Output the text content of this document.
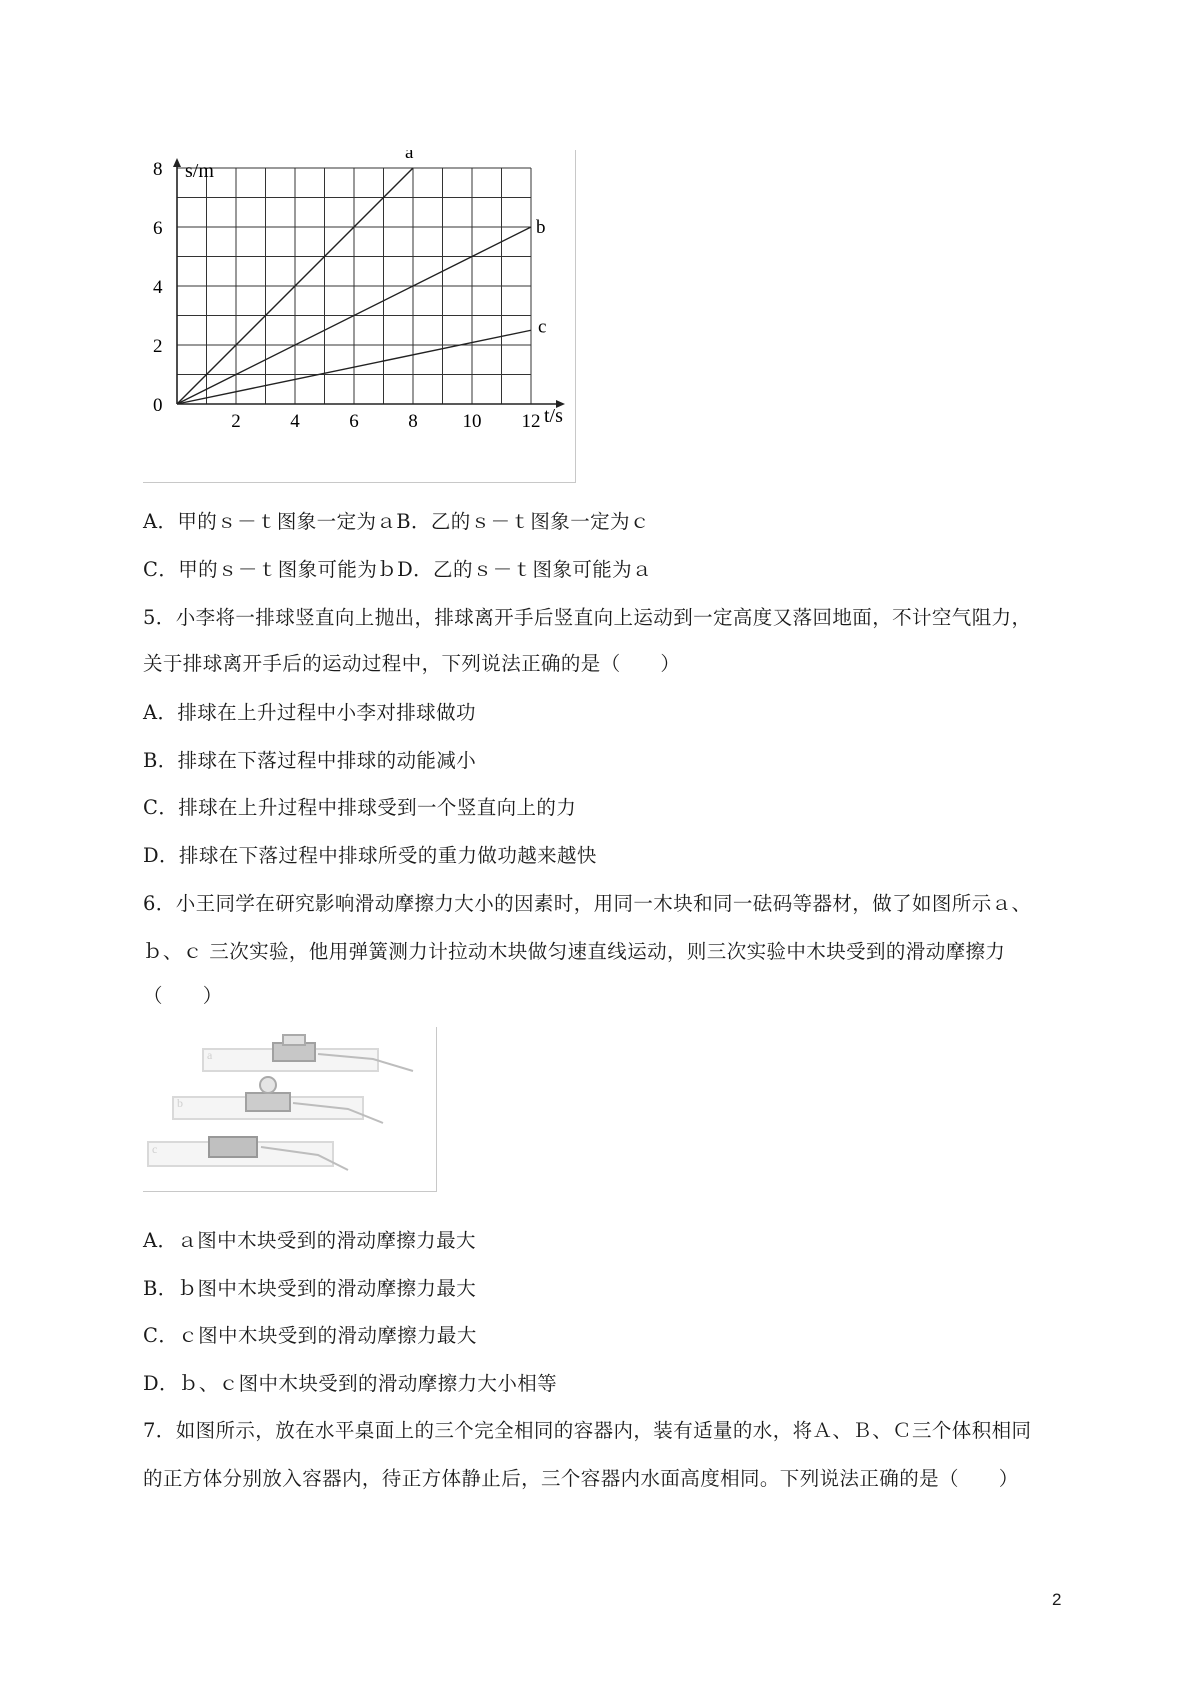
a
b
c
s/m
t/s
0
2
4
6
8
2	4	6	8 10 12
A．甲的ｓ－ｔ图象一定为ａB．乙的ｓ－ｔ图象一定为ｃ
C．甲的ｓ－ｔ图象可能为ｂD．乙的ｓ－ｔ图象可能为ａ
5．小李将一排球竖直向上抛出，排球离开手后竖直向上运动到一定高度又落回地面，不计空气阻力，
关于排球离开手后的运动过程中，下列说法正确的是（　　）
A．排球在上升过程中小李对排球做功
B．排球在下落过程中排球的动能减小
C．排球在上升过程中排球受到一个竖直向上的力
D．排球在下落过程中排球所受的重力做功越来越快
6．小王同学在研究影响滑动摩擦力大小的因素时，用同一木块和同一砝码等器材，做了如图所示ａ、
ｂ、ｃ 三次实验，他用弹簧测力计拉动木块做匀速直线运动，则三次实验中木块受到的滑动摩擦力
（　　）
a
b
c
A．ａ图中木块受到的滑动摩擦力最大
B．ｂ图中木块受到的滑动摩擦力最大
C．ｃ图中木块受到的滑动摩擦力最大
D．ｂ、ｃ图中木块受到的滑动摩擦力大小相等
7．如图所示，放在水平桌面上的三个完全相同的容器内，装有适量的水，将Ａ、Ｂ、Ｃ三个体积相同
的正方体分别放入容器内，待正方体静止后，三个容器内水面高度相同。下列说法正确的是（　　）
2
